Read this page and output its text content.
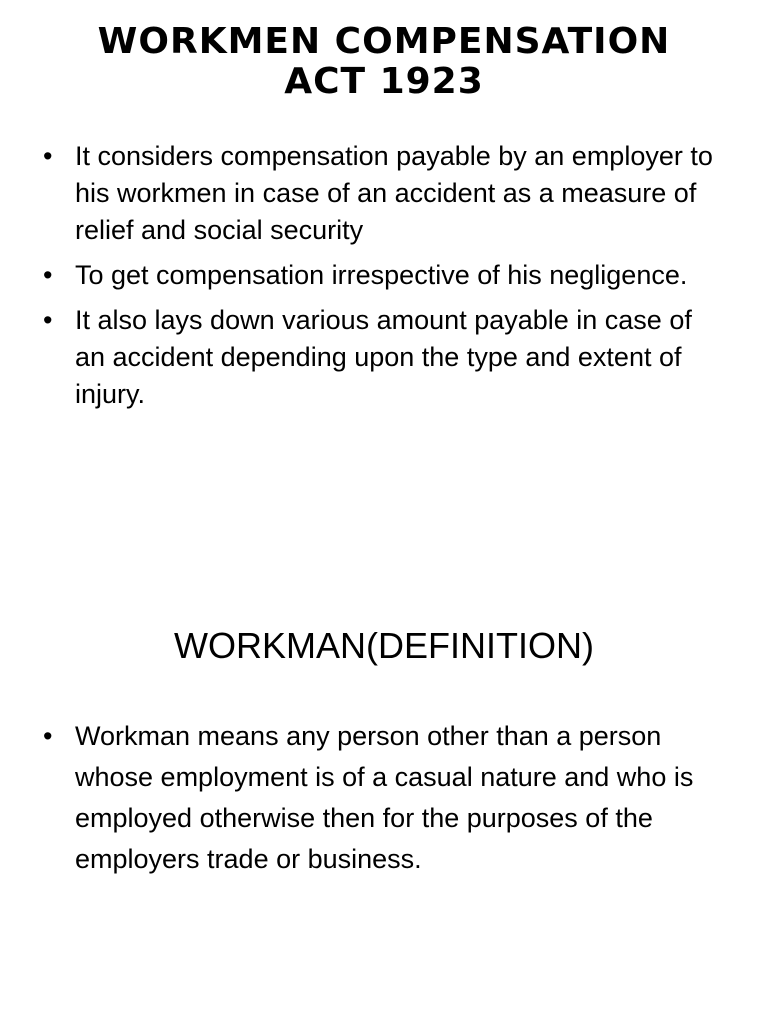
WORKMEN COMPENSATION
ACT 1923
• It considers compensation payable by an employer to his workmen in case of an accident as a measure of relief and social security
• To get compensation irrespective of his negligence.
• It also lays down various amount payable in case of an accident depending upon the type and extent of injury.
WORKMAN(DEFINITION)
• Workman means any person other than a person whose employment is of a casual nature and who is employed otherwise then for the purposes of the employers trade or business.
